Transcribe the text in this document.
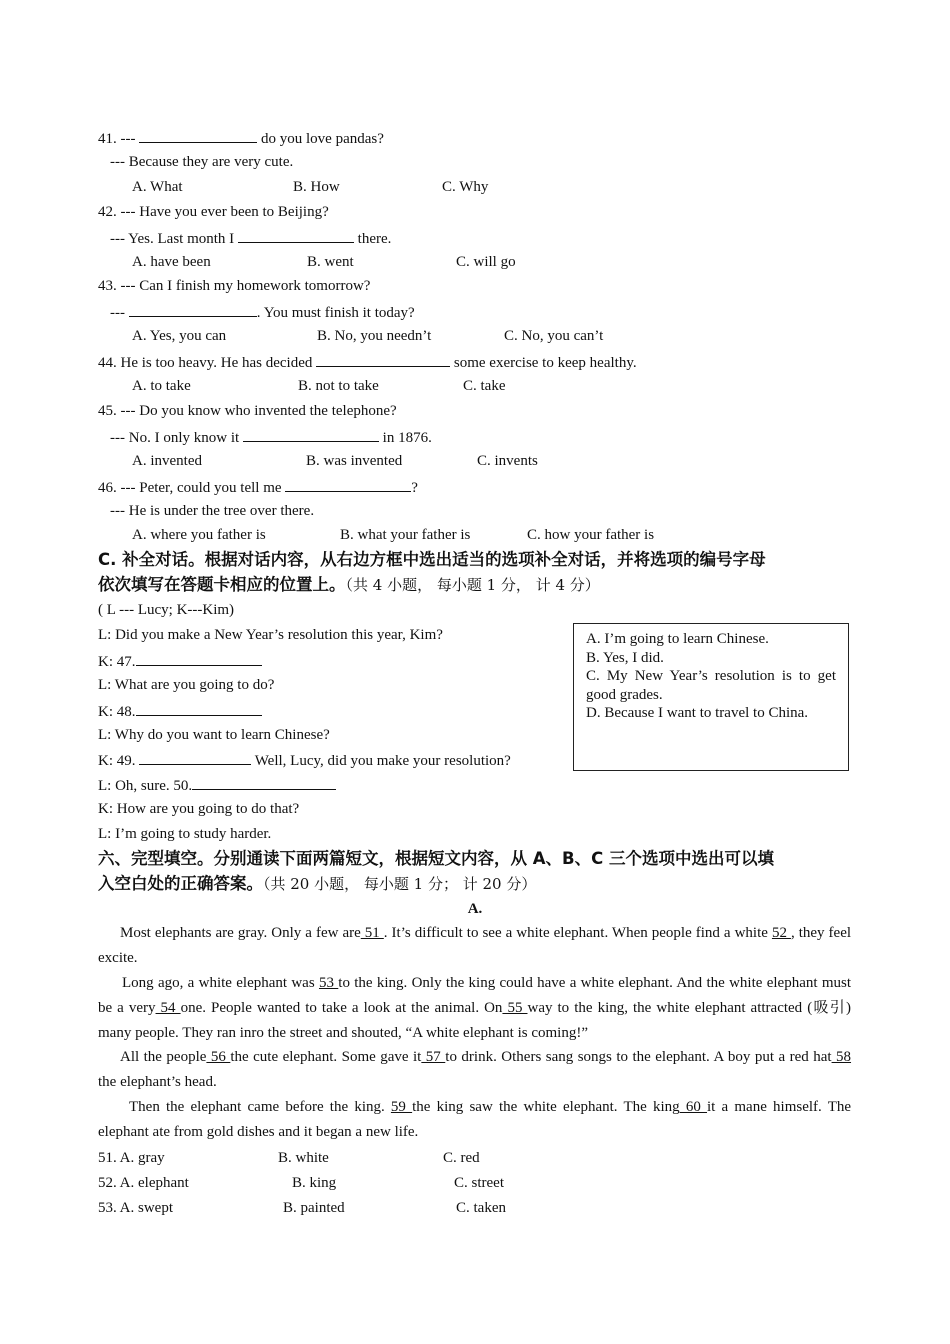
41. ---	do you love pandas?
--- Because they are very cute.
A. What	B. How	C. Why
42. --- Have you ever been to Beijing?
--- Yes. Last month I	there.
A. have been	B. went	C. will go
43. --- Can I finish my homework tomorrow?
---	. You must finish it today?
A. Yes, you can	B. No, you needn’t	C. No, you can’t
44. He is too heavy. He has decided	some exercise to keep healthy.
A. to take	B. not to take	C. take
45. --- Do you know who invented the telephone?
--- No. I only know it	in 1876.
A. invented	B. was invented	C. invents
46. --- Peter, could you tell me	?
--- He is under the tree over there.
A. where you father is	B. what your father is	C. how your father is
C. 补全对话。根据对话内容，从右边方框中选出适当的选项补全对话，并将选项的编号字母
依次填写在答题卡相应的位置上。（共 4 小题， 每小题 1 分， 计 4 分）
( L --- Lucy; K---Kim)
L: Did you make a New Year’s resolution this year, Kim?
K: 47.
L: What are you going to do?
K: 48.
L: Why do you want to learn Chinese?
K: 49.	Well, Lucy, did you make your resolution?
L: Oh, sure. 50.
K: How are you going to do that?
L: I’m going to study harder.
A. I’m going to learn Chinese.
B. Yes, I did.
C. My New Year’s resolution is to get good grades.
D. Because I want to travel to China.
六、完型填空。分别通读下面两篇短文，根据短文内容，从 A、B、C 三个选项中选出可以填
入空白处的正确答案。（共 20 小题， 每小题 1 分； 计 20 分）
A.
Most elephants are gray. Only a few are 51 . It’s difficult to see a white elephant. When people find a white 52 , they feel excite.
Long ago, a white elephant was 53 to the king. Only the king could have a white elephant. And the white elephant must be a very 54 one. People wanted to take a look at the animal. On 55 way to the king, the white elephant attracted (吸引) many people. They ran inro the street and shouted, “A white elephant is coming!”
All the people 56 the cute elephant. Some gave it 57 to drink. Others sang songs to the elephant. A boy put a red hat 58 the elephant’s head.
Then the elephant came before the king. 59 the king saw the white elephant. The king 60 it a mane himself. The elephant ate from gold dishes and it began a new life.
51. A. gray	B. white	C. red
52. A. elephant	B. king	C. street
53. A. swept	B. painted	C. taken
